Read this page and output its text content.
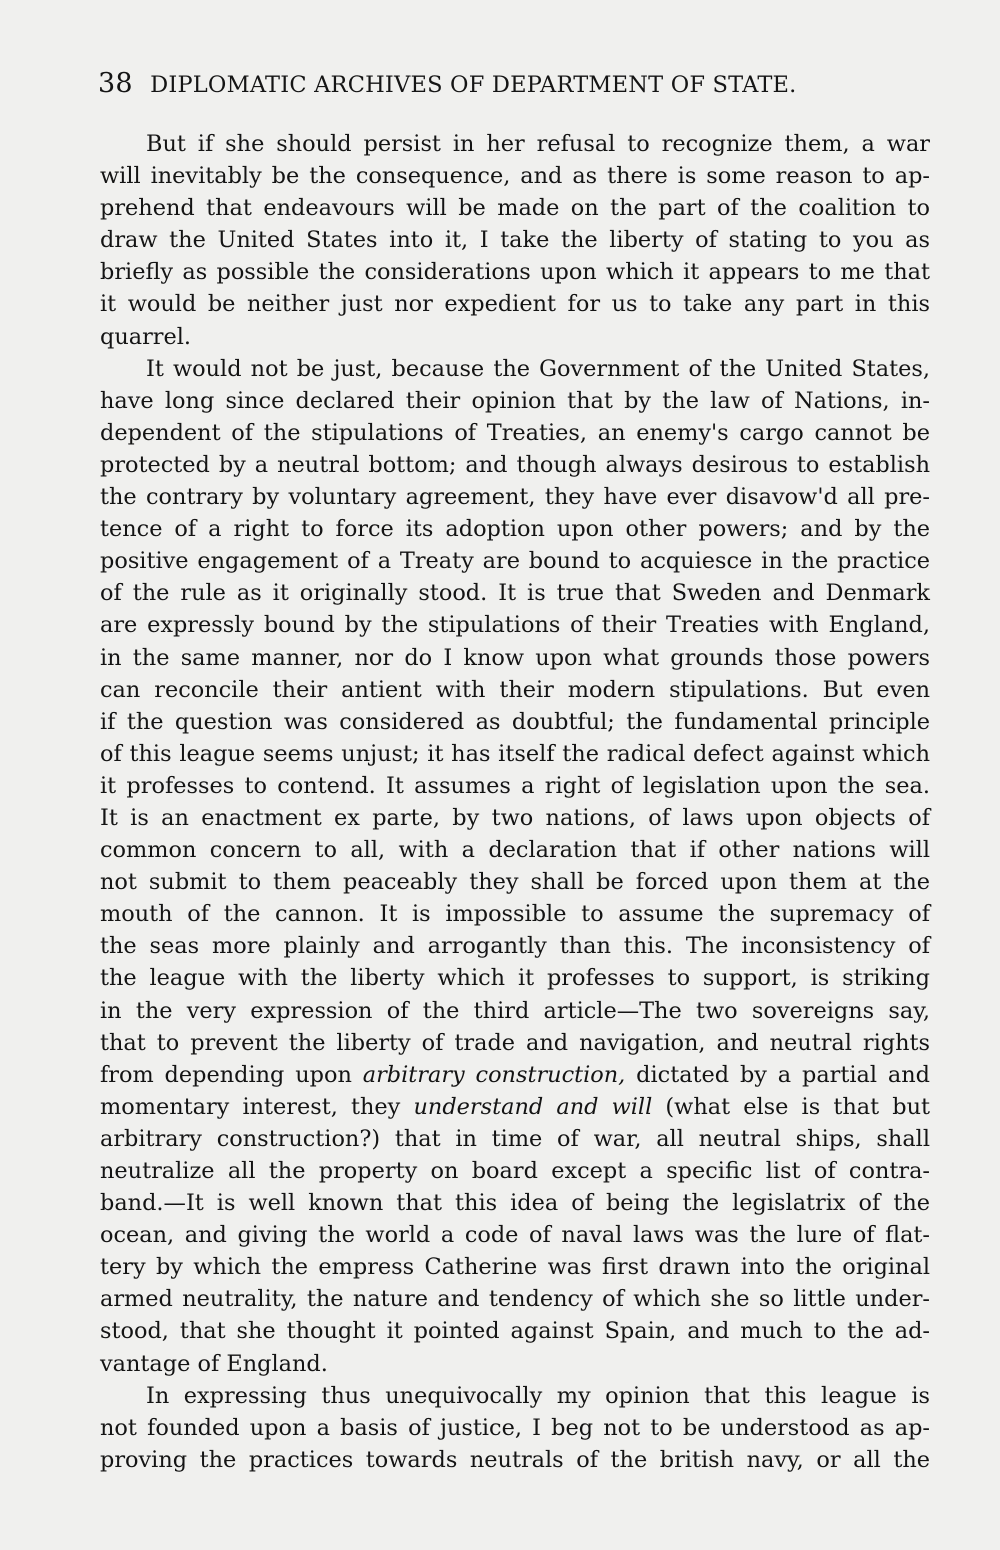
38 DIPLOMATIC ARCHIVES OF DEPARTMENT OF STATE.
But if she should persist in her refusal to recognize them, a war
will inevitably be the consequence, and as there is some reason to ap-
prehend that endeavours will be made on the part of the coalition to
draw the United States into it, I take the liberty of stating to you as
briefly as possible the considerations upon which it appears to me that
it would be neither just nor expedient for us to take any part in this
quarrel.
It would not be just, because the Government of the United States,
have long since declared their opinion that by the law of Nations, in-
dependent of the stipulations of Treaties, an enemy's cargo cannot be
protected by a neutral bottom; and though always desirous to establish
the contrary by voluntary agreement, they have ever disavow'd all pre-
tence of a right to force its adoption upon other powers; and by the
positive engagement of a Treaty are bound to acquiesce in the practice
of the rule as it originally stood. It is true that Sweden and Denmark
are expressly bound by the stipulations of their Treaties with England,
in the same manner, nor do I know upon what grounds those powers
can reconcile their antient with their modern stipulations. But even
if the question was considered as doubtful; the fundamental principle
of this league seems unjust; it has itself the radical defect against which
it professes to contend. It assumes a right of legislation upon the sea.
It is an enactment ex parte, by two nations, of laws upon objects of
common concern to all, with a declaration that if other nations will
not submit to them peaceably they shall be forced upon them at the
mouth of the cannon. It is impossible to assume the supremacy of
the seas more plainly and arrogantly than this. The inconsistency of
the league with the liberty which it professes to support, is striking
in the very expression of the third article—The two sovereigns say,
that to prevent the liberty of trade and navigation, and neutral rights
from depending upon arbitrary construction, dictated by a partial and
momentary interest, they understand and will (what else is that but
arbitrary construction?) that in time of war, all neutral ships, shall
neutralize all the property on board except a specific list of contra-
band.—It is well known that this idea of being the legislatrix of the
ocean, and giving the world a code of naval laws was the lure of flat-
tery by which the empress Catherine was first drawn into the original
armed neutrality, the nature and tendency of which she so little under-
stood, that she thought it pointed against Spain, and much to the ad-
vantage of England.
In expressing thus unequivocally my opinion that this league is
not founded upon a basis of justice, I beg not to be understood as ap-
proving the practices towards neutrals of the british navy, or all the
